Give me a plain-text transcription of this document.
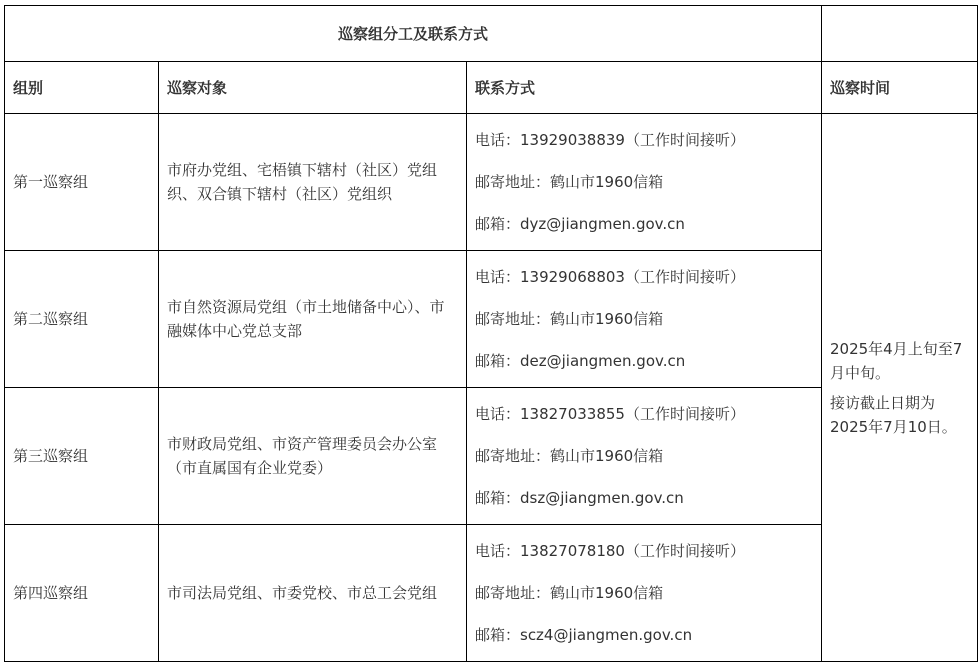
巡察组分工及联系方式			
组别	巡察对象	联系方式	巡察时间
第一巡察组	市府办党组、宅梧镇下辖村（社区）党组织、双合镇下辖村（社区）党组织	电话：13929038839（工作时间接听）
邮寄地址：鹤山市1960信箱
邮箱：dyz@jiangmen.gov.cn	2025年4月上旬至7月中旬。
接访截止日期为2025年7月10日。

第二巡察组	市自然资源局党组（市土地储备中心）、市融媒体中心党总支部	电话：13929068803（工作时间接听）
邮寄地址：鹤山市1960信箱
邮箱：dez@jiangmen.gov.cn	

第三巡察组	市财政局党组、市资产管理委员会办公室（市直属国有企业党委）	电话：13827033855（工作时间接听）
邮寄地址：鹤山市1960信箱
邮箱：dsz@jiangmen.gov.cn	

第四巡察组	市司法局党组、市委党校、市总工会党组	电话：13827078180（工作时间接听）
邮寄地址：鹤山市1960信箱
邮箱：scz4@jiangmen.gov.cn	
